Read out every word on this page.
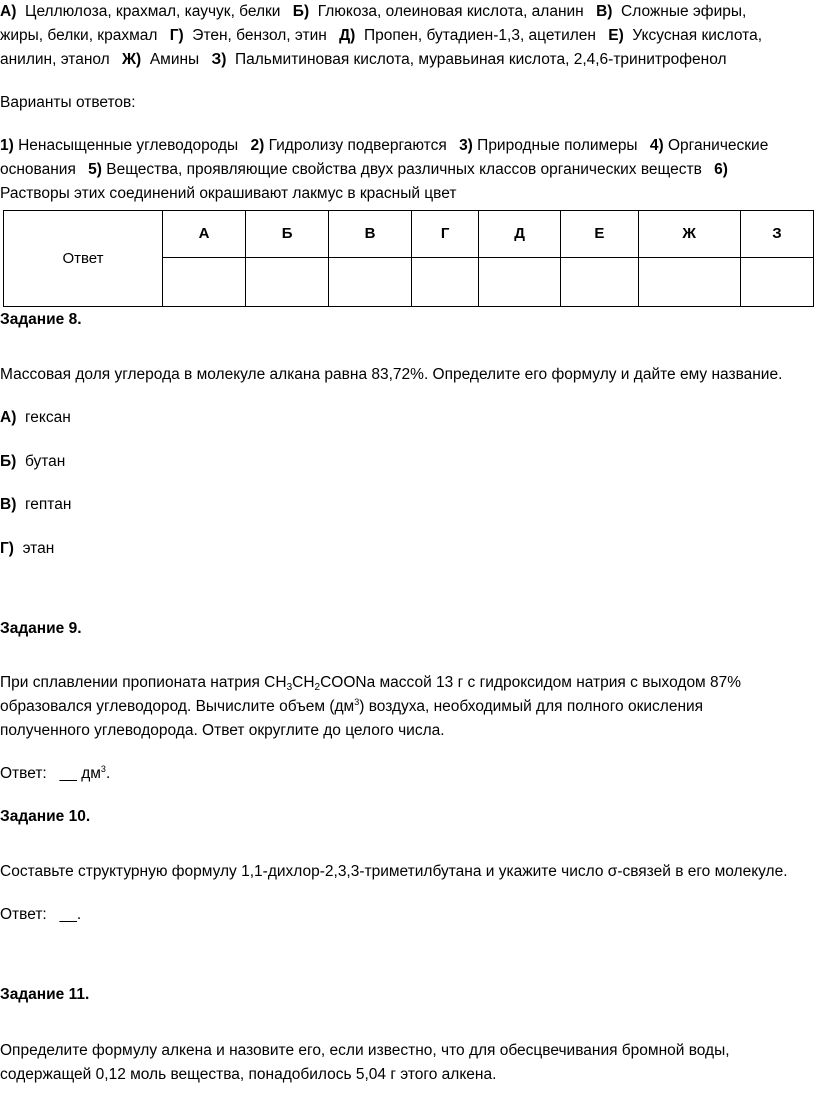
А) Целлюлоза, крахмал, каучук, белки Б) Глюкоза, олеиновая кислота, аланин В) Сложные эфиры,
жиры, белки, крахмал Г) Этен, бензол, этин Д) Пропен, бутадиен-1,3, ацетилен Е) Уксусная кислота,
анилин, этанол Ж) Амины З) Пальмитиновая кислота, муравьиная кислота, 2,4,6-тринитрофенол
Варианты ответов:
1) Ненасыщенные углеводороды 2) Гидролизу подвергаются 3) Природные полимеры 4) Органические
основания 5) Вещества, проявляющие свойства двух различных классов органических веществ 6)
Растворы этих соединений окрашивают лакмус в красный цвет
Ответ	А	Б	В	Г	Д	Е	Ж	З

Задание 8.
Массовая доля углерода в молекуле алкана равна 83,72%. Определите его формулу и дайте ему название.
А) гексан
Б) бутан
В) гептан
Г) этан
Задание 9.
При сплавлении пропионата натрия $CH_3CH_2COONa$ массой 13 г с гидроксидом натрия с выходом 87%
образовался углеводород. Вычислите объем $(дм^3)$ воздуха, необходимый для полного окисления
полученного углеводорода. Ответ округлите до целого числа.
Ответ: __ $дм^3$.
Задание 10.
Составьте структурную формулу 1,1-дихлор-2,3,3-триметилбутана и укажите число σ-связей в его молекуле.
Ответ: __.
Задание 11.
Определите формулу алкена и назовите его, если известно, что для обесцвечивания бромной воды,
содержащей 0,12 моль вещества, понадобилось 5,04 г этого алкена.
